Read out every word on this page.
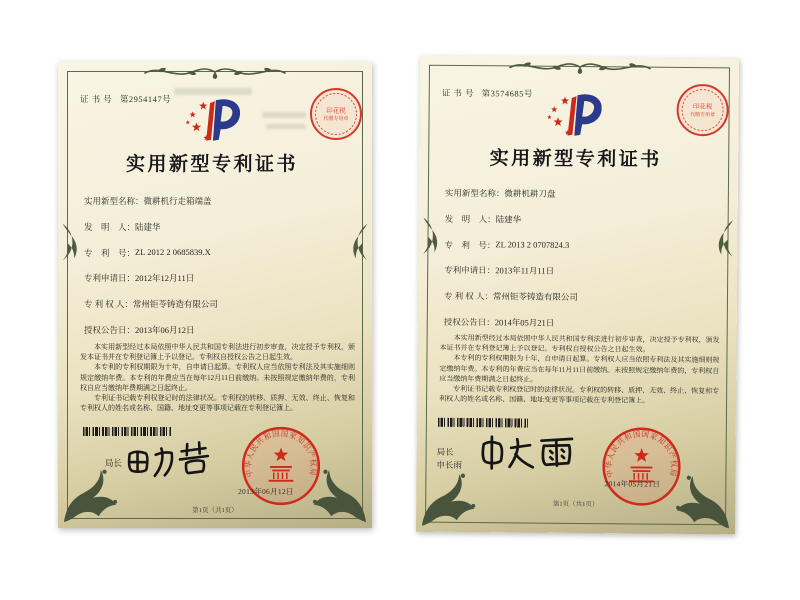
证 书 号 第2954147号
印花税
代缴专用章
实用新型专利证书
实用新型名称： 微耕机行走箱端盖
发　明　人： 陆建华
专　利　号： ZL 2012 2 0685839.X
专利申请日： 2012年12月11日
专 利 权 人： 常州钜苓铸造有限公司
授权公告日： 2013年06月12日

本实用新型经过本局依照中华人民共和国专利法进行初步审查，决定授予专利权，颁发本证书并在专利登记簿上予以登记。专利权自授权公告之日起生效。

本专利的专利权期限为十年，自申请日起算。专利权人应当依照专利法及其实施细则规定缴纳年费。本专利的年费应当在每年12月11日前缴纳。未按照规定缴纳年费的，专利权自应当缴纳年费期满之日起终止。

专利证书记载专利权登记时的法律状况。专利权的转移、质押、无效、终止、恢复和专利权人的姓名或名称、国籍、地址变更等事项记载在专利登记簿上。

局长
中华人民共和国国家知识产权局
2013年06月12日
第1页（共1页）
证 书 号 第3574685号
印花税
代缴专用章
实用新型专利证书
实用新型名称： 微耕机耕刀盘
发　明　人： 陆建华
专　利　号： ZL 2013 2 0707824.3
专利申请日： 2013年11月11日
专 利 权 人： 常州钜苓铸造有限公司
授权公告日： 2014年05月21日

本实用新型经过本局依照中华人民共和国专利法进行初步审查，决定授予专利权，颁发本证书并在专利登记簿上予以登记。专利权自授权公告之日起生效。

本专利的专利权期限为十年，自申请日起算。专利权人应当依照专利法及其实施细则规定缴纳年费。本专利的年费应当在每年11月11日前缴纳。未按照规定缴纳年费的，专利权自应当缴纳年费期满之日起终止。

专利证书记载专利权登记时的法律状况。专利权的转移、质押、无效、终止、恢复和专利权人的姓名或名称、国籍、地址变更等事项记载在专利登记簿上。

局长
申长雨
中华人民共和国国家知识产权局
2014年05月21日
第1页（共1页）
